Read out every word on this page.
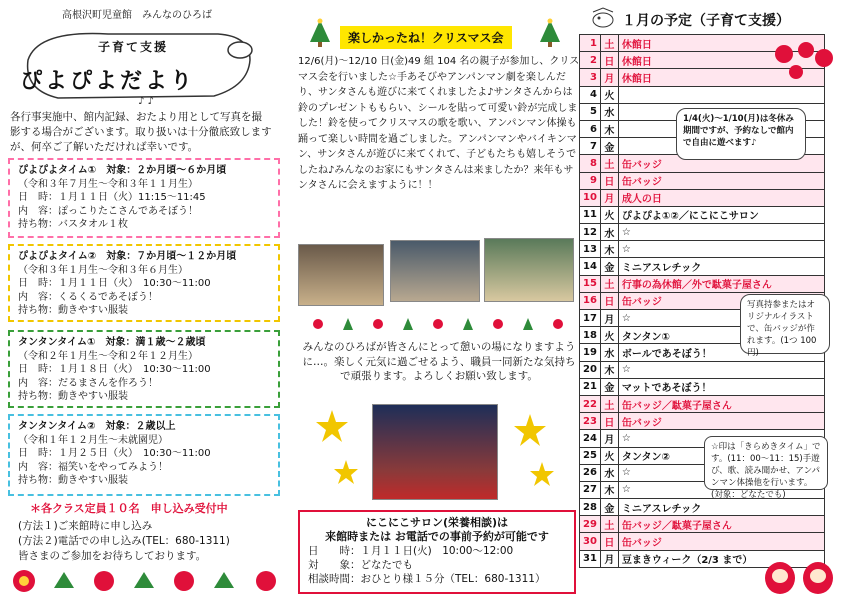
高根沢町児童館　みんなのひろば
♪ ♪
子育て支援
ぴよぴよだより
各行事実施中、館内記録、おたより用として写真を撮影する場合がございます。取り扱いは十分徹底致しますが、何卒ご了解いただければ幸いです。
ぴよぴよタイム①　対象：２か月頃～６か月頃
（令和３年７月生～令和３年１１月生）
日　時：１月１１日（火）11:15～11:45
内　容：ぽっこりたこさんであそぼう！
持ち物：バスタオル１枚
ぴよぴよタイム②　対象：７か月頃～１２か月頃
（令和３年１月生～令和３年６月生）
日　時：１月１１日（火）　10:30～11:00
内　容：くるくるであそぼう！
持ち物：動きやすい服装
タンタンタイム①　対象：満１歳～２歳頃
（令和２年１月生～令和２年１２月生）
日　時：１月１８日（火）　10:30～11:00
内　容：だるまさんを作ろう！
持ち物：動きやすい服装
タンタンタイム②　対象：２歳以上
（令和１年１２月生～未就園児）
日　時：１月２５日（火）　10:30～11:00
内　容：福笑いをやってみよう！
持ち物：動きやすい服装
＊各クラス定員１０名　申し込み受付中
(方法１)ご来館時に申し込み
(方法２)電話での申し込み(TEL：680-1311)
皆さまのご参加をお待ちしております。
楽しかったね！クリスマス会
12/6(月)～12/10 日(金)49 組 104 名の親子が参加し、クリスマス会を行いました☆手あそびやアンパンマン劇を楽しんだり、サンタさんも遊びに来てくれましたよ♪サンタさんからは鈴のプレゼントももらい、シールを貼って可愛い鈴が完成しました！鈴を使ってクリスマスの歌を歌い、アンパンマン体操も踊って楽しい時間を過ごしました。アンパンマンやバイキンマン、サンタさんが遊びに来てくれて、子どもたちも嬉しそうでしたね♪みんなのお家にもサンタさんは来ましたか？来年もサンタさんに会えますように！！
みんなのひろばが皆さんにとって憩いの場になりますように…。楽しく元気に過ごせるよう、職員一同新たな気持ちで頑張ります。よろしくお願い致します。
にこにこサロン(栄養相談)は
来館時または お電話での事前予約が可能です
日　　時：１月１１日(火)　10:00～12:00
対　　象：どなたでも
相談時間：おひとり様１５分（TEL：680-1311）
１月の予定（子育て支援）
1	土	休館日
2	日	休館日
3	月	休館日
4	火	
5	水	
6	木	
7	金	
8	土	缶バッジ
9	日	缶バッジ
10	月	成人の日
11	火	ぴよぴよ①②／にこにこサロン
12	水	☆
13	木	☆
14	金	ミニアスレチック
15	土	行事の為休館／外で駄菓子屋さん
16	日	缶バッジ
17	月	☆
18	火	タンタン①
19	水	ボールであそぼう！
20	木	☆
21	金	マットであそぼう！
22	土	缶バッジ／駄菓子屋さん
23	日	缶バッジ
24	月	☆
25	火	タンタン②
26	水	☆
27	木	☆
28	金	ミニアスレチック
29	土	缶バッジ／駄菓子屋さん
30	日	缶バッジ
31	月	豆まきウィーク（2/3 まで）
1/4(火)～1/10(月)は冬休み期間ですが、予約なしで館内で自由に遊べます♪
写真持参またはオリジナルイラストで、缶バッジが作れます。(1つ 100 円)
☆印は「きらめきタイム」です。(11：00～11：15)手遊び、歌、読み聞かせ、アンパンマン体操他を行います。(対象：どなたでも)
